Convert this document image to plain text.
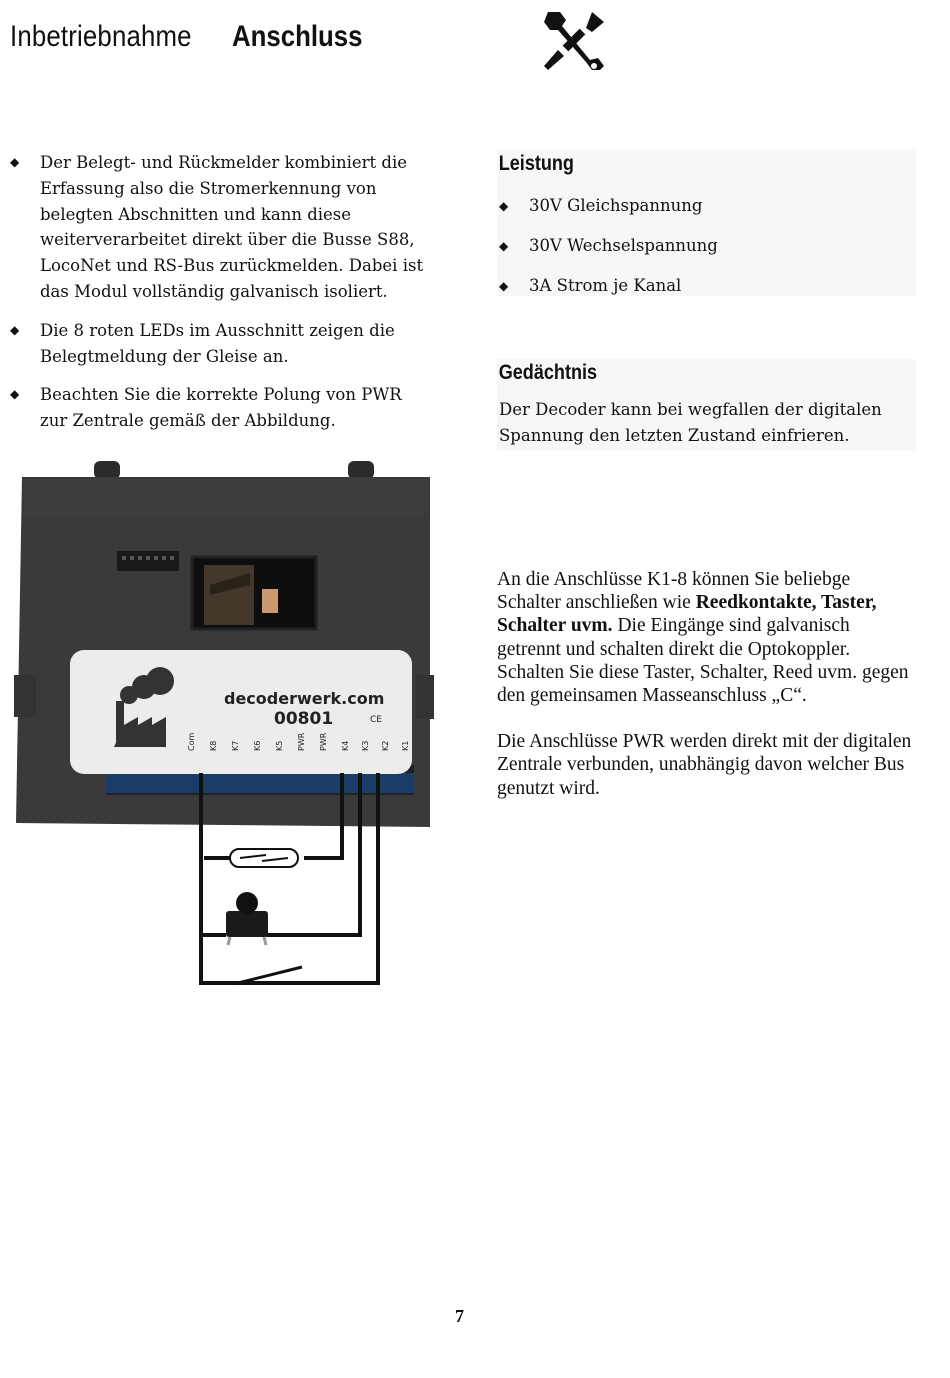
Inbetriebnahme Anschluss
◆ Der Belegt- und Rückmelder kombiniert die Erfassung also die Stromerkennung von belegten Abschnitten und kann diese weiterverarbeitet direkt über die Busse S88, LocoNet und RS-Bus zurückmelden. Dabei ist das Modul vollständig galvanisch isoliert.
◆ Die 8 roten LEDs im Ausschnitt zeigen die Belegtmeldung der Gleise an.
◆ Beachten Sie die korrekte Polung von PWR zur Zentrale gemäß der Abbildung.
Leistung
◆ 30V Gleichspannung
◆ 30V Wechselspannung
◆ 3A Strom je Kanal
Gedächtnis
Der Decoder kann bei wegfallen der digitalen Spannung den letzten Zustand einfrieren.
decoderwerk.com
00801	CE
Com K8 K7 K6 K5 PWR PWR K4 K3 K2 K1

An die Anschlüsse K1-8 können Sie beliebge Schalter anschließen wie Reedkontakte, Taster, Schalter uvm. Die Eingänge sind galvanisch getrennt und schalten direkt die Optokoppler. Schalten Sie diese Taster, Schalter, Reed uvm. gegen den gemeinsamen Masseanschluss „C“.

Die Anschlüsse PWR werden direkt mit der digitalen Zentrale verbunden, unabhängig davon welcher Bus genutzt wird.

7
